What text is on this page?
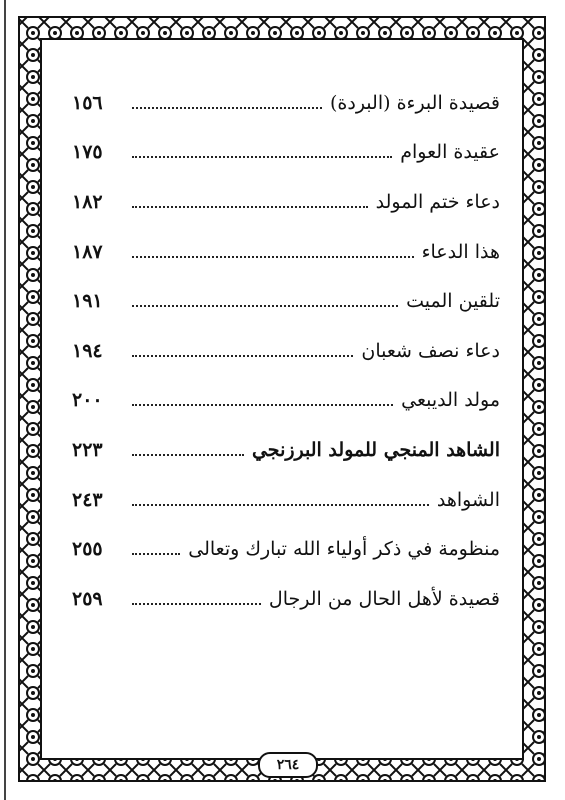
قصيدة البرءة (البردة)
١٥٦
عقيدة العوام
١٧٥
دعاء ختم المولد
١٨٢
هذا الدعاء
١٨٧
تلقين الميت
١٩١
دعاء نصف شعبان
١٩٤
مولد الديبعي
٢٠٠
الشاهد المنجي للمولد البرزنجي
٢٢٣
الشواهد
٢٤٣
منظومة في ذكر أولياء الله تبارك وتعالى
٢٥٥
قصيدة لأهل الحال من الرجال
٢٥٩
٢٦٤
